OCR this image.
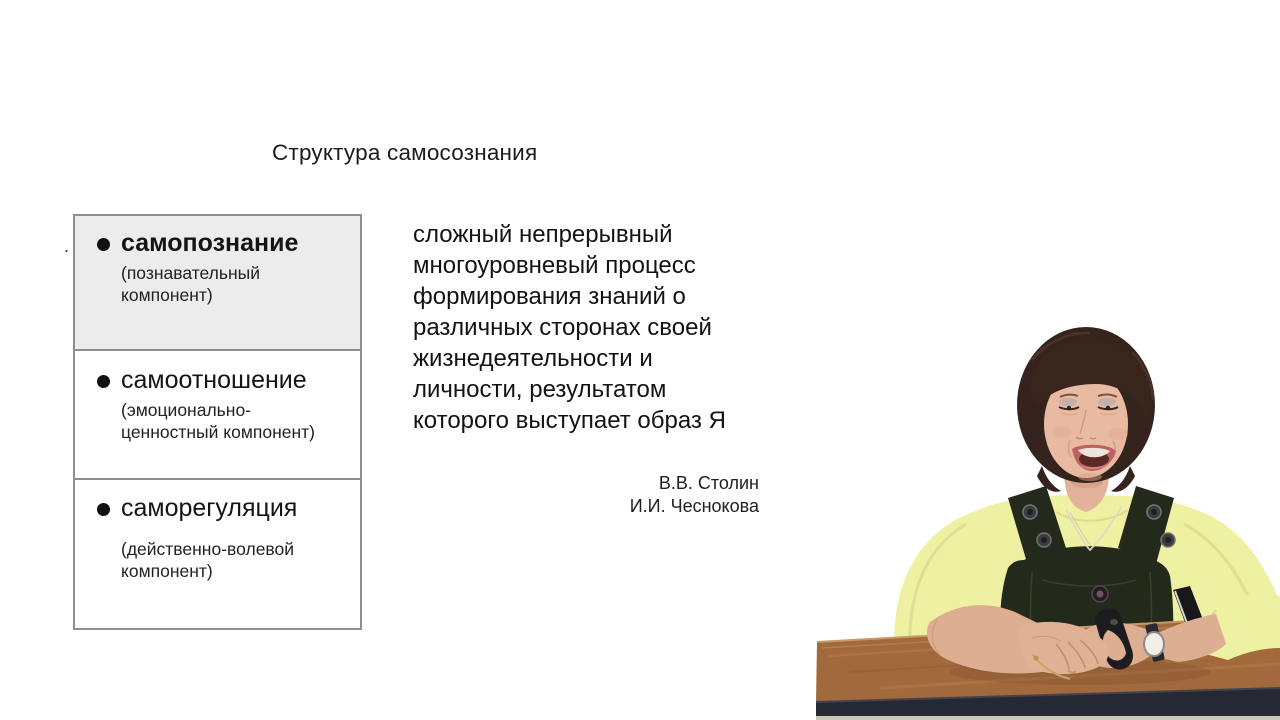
Структура самосознания
. самопознание
(познавательный
компонент)
самоотношение
(эмоционально-
ценностный компонент)
саморегуляция
(действенно-волевой
компонент)
сложный непрерывный
многоуровневый процесс
формирования знаний о
различных сторонах своей
жизнедеятельности и
личности, результатом
которого выступает образ Я
В.В. Столин
И.И. Чеснокова
